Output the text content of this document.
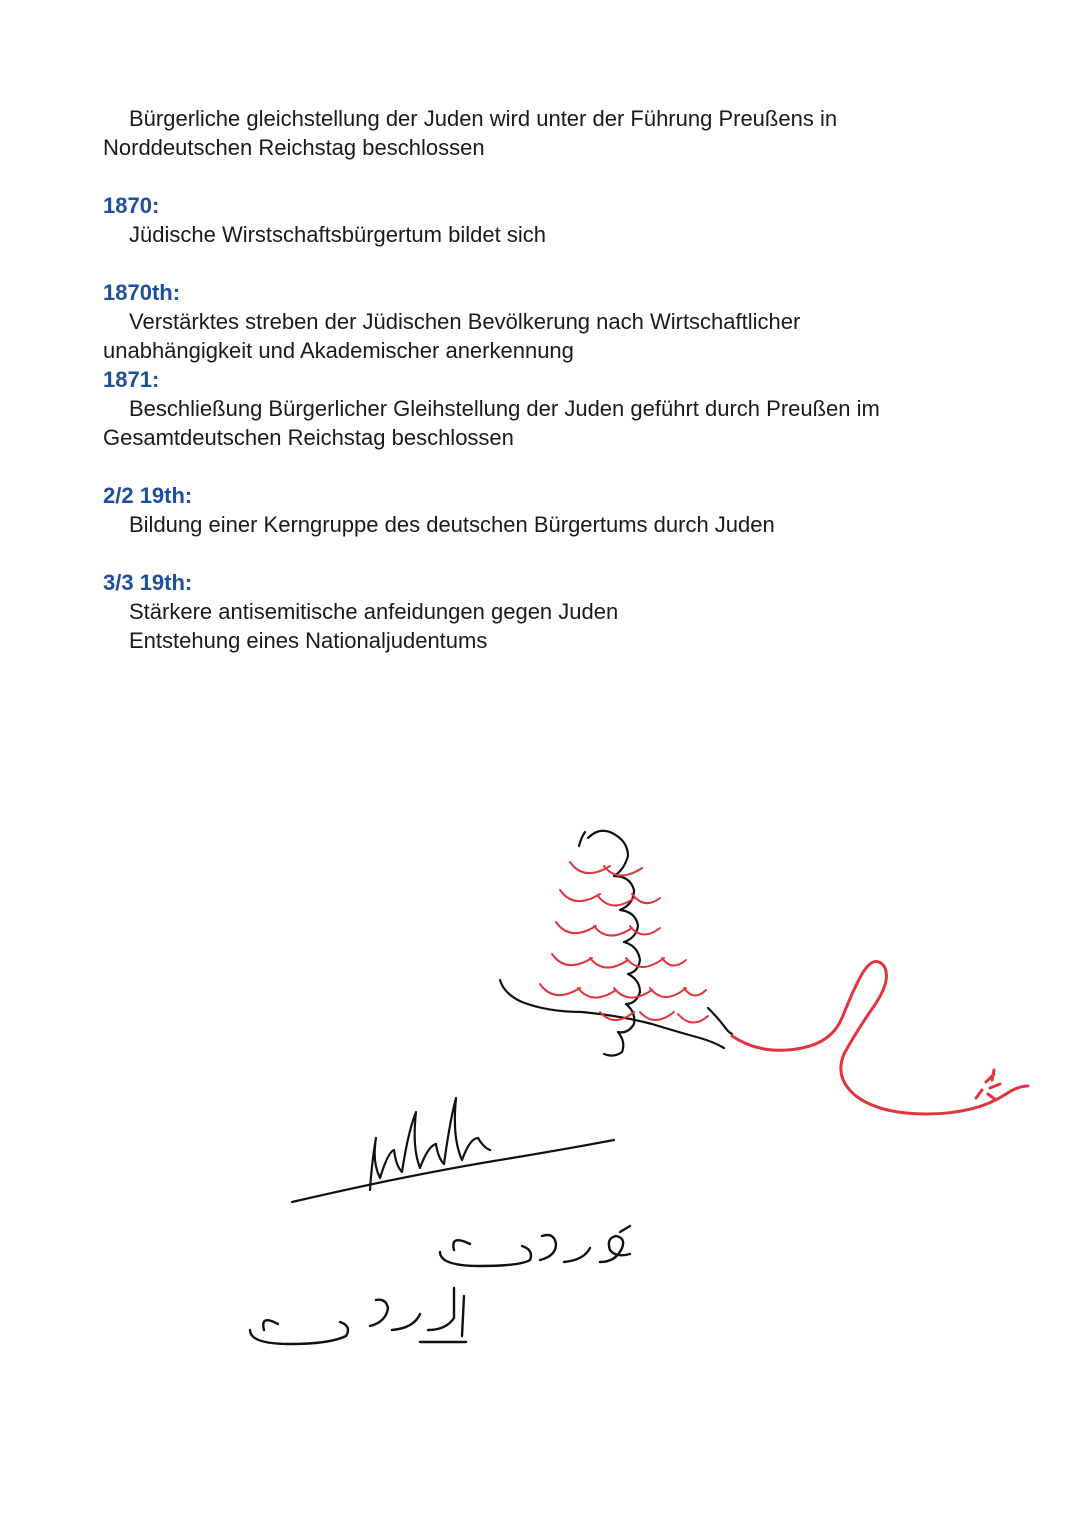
Bürgerliche gleichstellung der Juden wird unter der Führung Preußens in
Norddeutschen Reichstag beschlossen
1870:
Jüdische Wirstschaftsbürgertum bildet sich
1870th:
Verstärktes streben der Jüdischen Bevölkerung nach Wirtschaftlicher
unabhängigkeit und Akademischer anerkennung
1871:
Beschließung Bürgerlicher Gleihstellung der Juden geführt durch Preußen im
Gesamtdeutschen Reichstag beschlossen
2/2 19th:
Bildung einer Kerngruppe des deutschen Bürgertums durch Juden
3/3 19th:
Stärkere antisemitische anfeidungen gegen Juden
Entstehung eines Nationaljudentums
